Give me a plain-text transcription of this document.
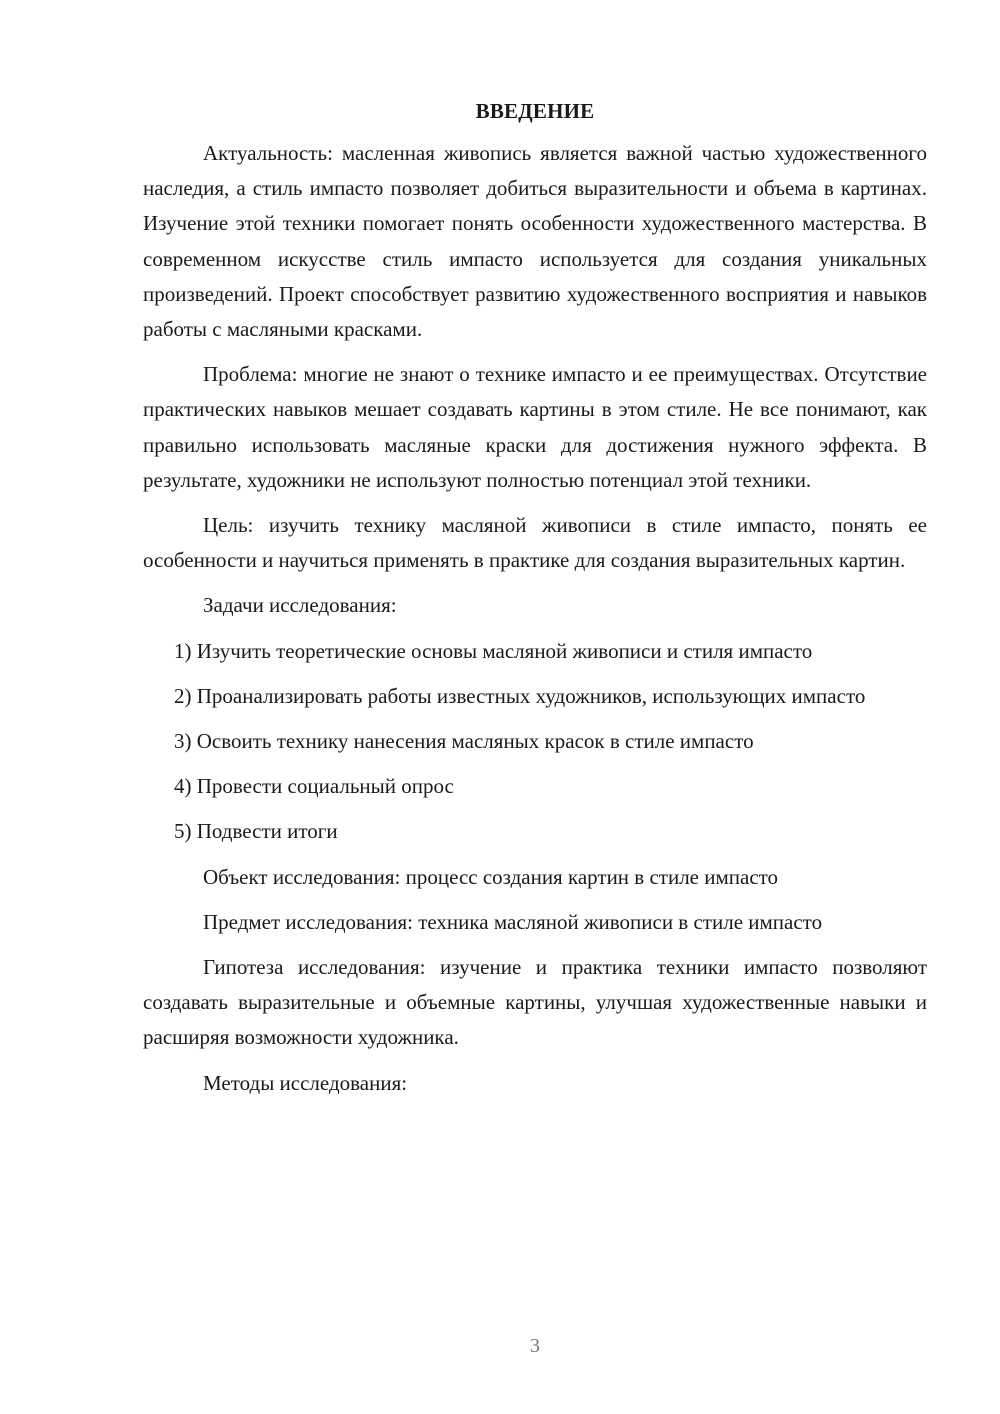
ВВЕДЕНИЕ

Актуальность: масленная живопись является важной частью художественного наследия, а стиль импасто позволяет добиться выразительности и объема в картинах. Изучение этой техники помогает понять особенности художественного мастерства. В современном искусстве стиль импасто используется для создания уникальных произведений. Проект способствует развитию художественного восприятия и навыков работы с масляными красками.

Проблема: многие не знают о технике импасто и ее преимуществах. Отсутствие практических навыков мешает создавать картины в этом стиле. Не все понимают, как правильно использовать масляные краски для достижения нужного эффекта. В результате, художники не используют полностью потенциал этой техники.

Цель: изучить технику масляной живописи в стиле импасто, понять ее особенности и научиться применять в практике для создания выразительных картин.

Задачи исследования:

1) Изучить теоретические основы масляной живописи и стиля импасто

2) Проанализировать работы известных художников, использующих импасто

3) Освоить технику нанесения масляных красок в стиле импасто

4) Провести социальный опрос

5) Подвести итоги

Объект исследования: процесс создания картин в стиле импасто

Предмет исследования: техника масляной живописи в стиле импасто

Гипотеза исследования: изучение и практика техники импасто позволяют создавать выразительные и объемные картины, улучшая художественные навыки и расширяя возможности художника.

Методы исследования:

3
